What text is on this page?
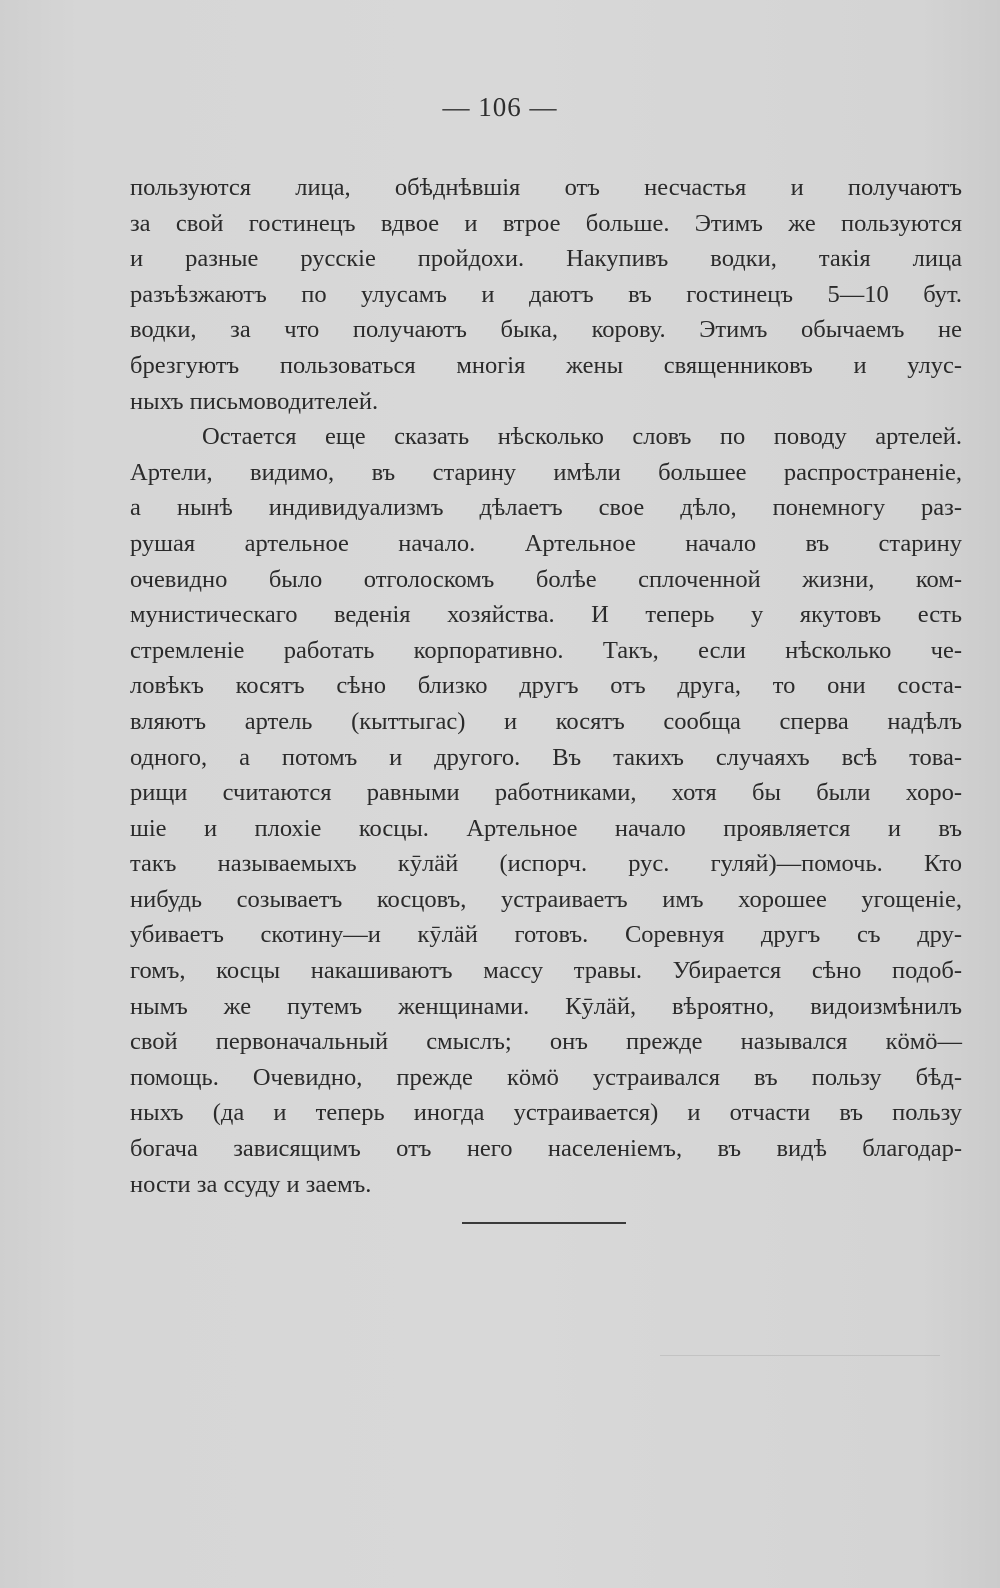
— 106 —
пользуются лица, обѣднѣвшія отъ несчастья и получаютъ
за свой гостинецъ вдвое и втрое больше. Этимъ же пользуются
и разные русскіе пройдохи. Накупивъ водки, такія лица
разъѣзжаютъ по улусамъ и даютъ въ гостинецъ 5—10 бут.
водки, за что получаютъ быка, корову. Этимъ обычаемъ не
брезгуютъ пользоваться многія жены священниковъ и улус-
ныхъ письмоводителей.
Остается еще сказать нѣсколько словъ по поводу артелей.
Артели, видимо, въ старину имѣли большее распространеніе,
а нынѣ индивидуализмъ дѣлаетъ свое дѣло, понемногу раз-
рушая артельное начало. Артельное начало въ старину
очевидно было отголоскомъ болѣе сплоченной жизни, ком-
мунистическаго веденія хозяйства. И теперь у якутовъ есть
стремленіе работать корпоративно. Такъ, если нѣсколько че-
ловѣкъ косятъ сѣно близко другъ отъ друга, то они соста-
вляютъ артель (кыттыгас) и косятъ сообща сперва надѣлъ
одного, а потомъ и другого. Въ такихъ случаяхъ всѣ това-
рищи считаются равными работниками, хотя бы были хоро-
шіе и плохіе косцы. Артельное начало проявляется и въ
такъ называемыхъ кӯлӓй (испорч. рус. гуляй)—помочь. Кто
нибудь созываетъ косцовъ, устраиваетъ имъ хорошее угощеніе,
убиваетъ скотину—и кӯлӓй готовъ. Соревнуя другъ съ дру-
гомъ, косцы накашиваютъ массу травы. Убирается сѣно подоб-
нымъ же путемъ женщинами. Кӯлӓй, вѣроятно, видоизмѣнилъ
свой первоначальный смыслъ; онъ прежде назывался кӧмӧ—
помощь. Очевидно, прежде кӧмӧ устраивался въ пользу бѣд-
ныхъ (да и теперь иногда устраивается) и отчасти въ пользу
богача зависящимъ отъ него населеніемъ, въ видѣ благодар-
ности за ссуду и заемъ.
